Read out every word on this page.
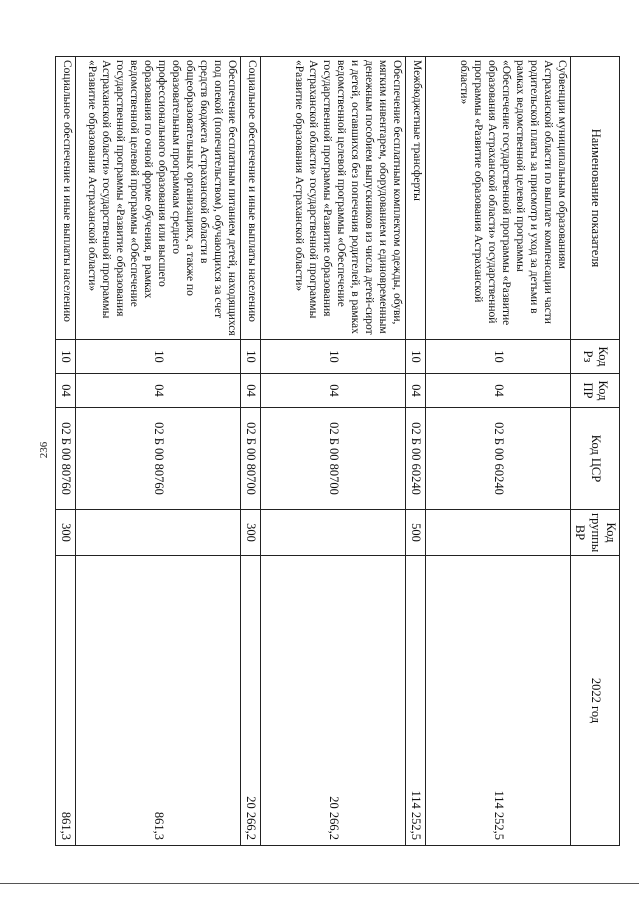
236
Наименование показателя	Код Рз	Код ПР	Код ЦСР	Код группы ВР	2022 год
Субвенции муниципальным образованиям Астраханской области по выплате компенсации части родительской платы за присмотр и уход за детьми в рамках ведомственной целевой программы «Обеспечение государственной программы «Развитие образования Астраханской области» государственной программы «Развитие образования Астраханской области»	10	04	02 Б 00 60240		114 252,5
Межбюджетные трансферты	10	04	02 Б 00 60240	500	114 252,5
Обеспечение бесплатным комплектом одежды, обуви, мягким инвентарем, оборудованием и единовременным денежным пособием выпускников из числа детей-сирот и детей, оставшихся без попечения родителей, в рамках ведомственной целевой программы «Обеспечение государственной программы «Развитие образования Астраханской области» государственной программы «Развитие образования Астраханской области»	10	04	02 Б 00 80700		20 266,2
Социальное обеспечение и иные выплаты населению	10	04	02 Б 00 80700	300	20 266,2
Обеспечение бесплатным питанием детей, находящихся под опекой (попечительством), обучающихся за счет средств бюджета Астраханской области в общеобразовательных организациях, а также по образовательным программам среднего профессионального образования или высшего образования по очной форме обучения, в рамках ведомственной целевой программы «Обеспечение государственной программы «Развитие образования Астраханской области» государственной программы «Развитие образования Астраханской области»	10	04	02 Б 00 80760		861,3
Социальное обеспечение и иные выплаты населению	10	04	02 Б 00 80760	300	861,3
